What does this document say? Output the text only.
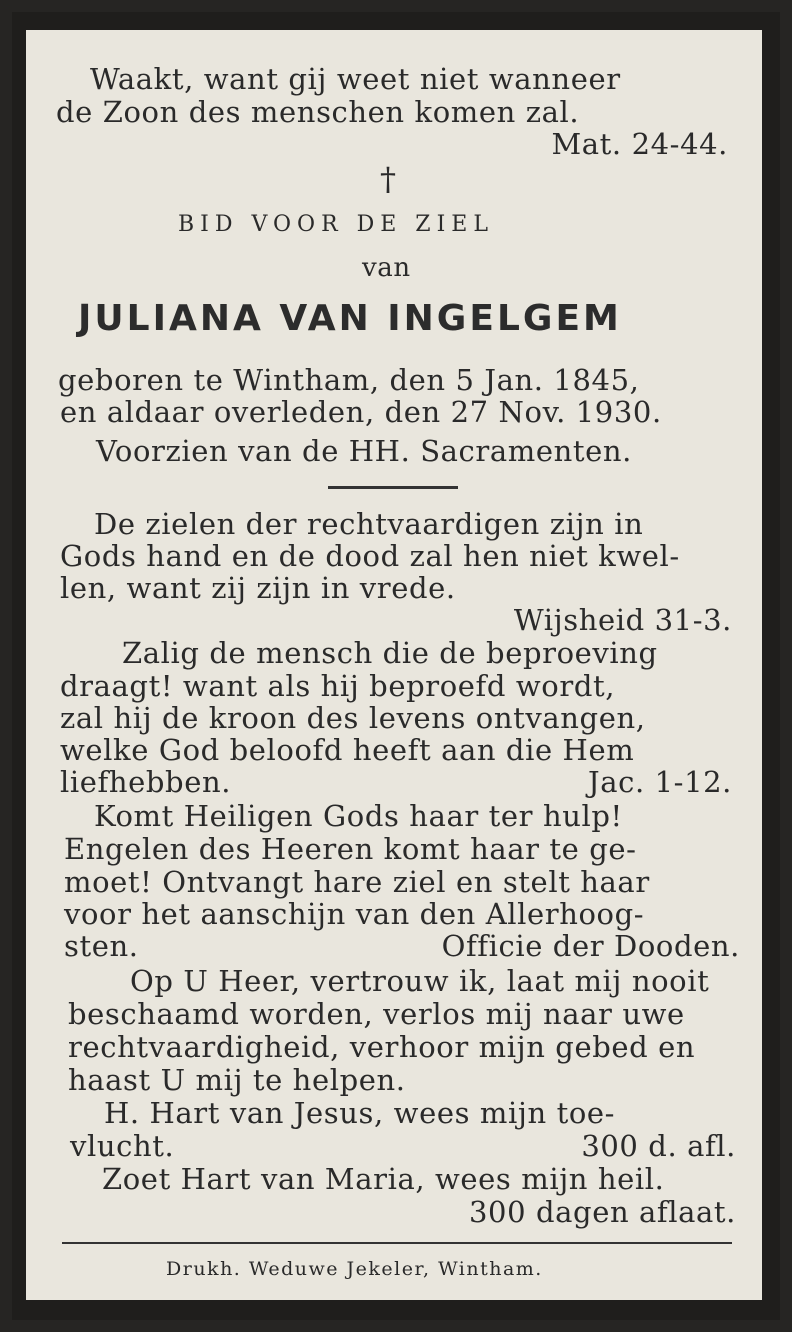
Waakt, want gij weet niet wanneer
de Zoon des menschen komen zal.
Mat. 24-44.
†
BID VOOR DE ZIEL
van
JULIANA VAN INGELGEM
geboren te Wintham, den 5 Jan. 1845,
en aldaar overleden, den 27 Nov. 1930.
Voorzien van de HH. Sacramenten.
De zielen der rechtvaardigen zijn in
Gods hand en de dood zal hen niet kwel-
len, want zij zijn in vrede.
Wijsheid 31-3.
Zalig de mensch die de beproeving
draagt! want als hij beproefd wordt,
zal hij de kroon des levens ontvangen,
welke God beloofd heeft aan die Hem
liefhebben.	Jac. 1-12.
Komt Heiligen Gods haar ter hulp!
Engelen des Heeren komt haar te ge-
moet! Ontvangt hare ziel en stelt haar
voor het aanschijn van den Allerhoog-
sten.	Officie der Dooden.
Op U Heer, vertrouw ik, laat mij nooit
beschaamd worden, verlos mij naar uwe
rechtvaardigheid, verhoor mijn gebed en
haast U mij te helpen.
H. Hart van Jesus, wees mijn toe-
vlucht.	300 d. afl.
Zoet Hart van Maria, wees mijn heil.
300 dagen aflaat.
Drukh. Weduwe Jekeler, Wintham.
